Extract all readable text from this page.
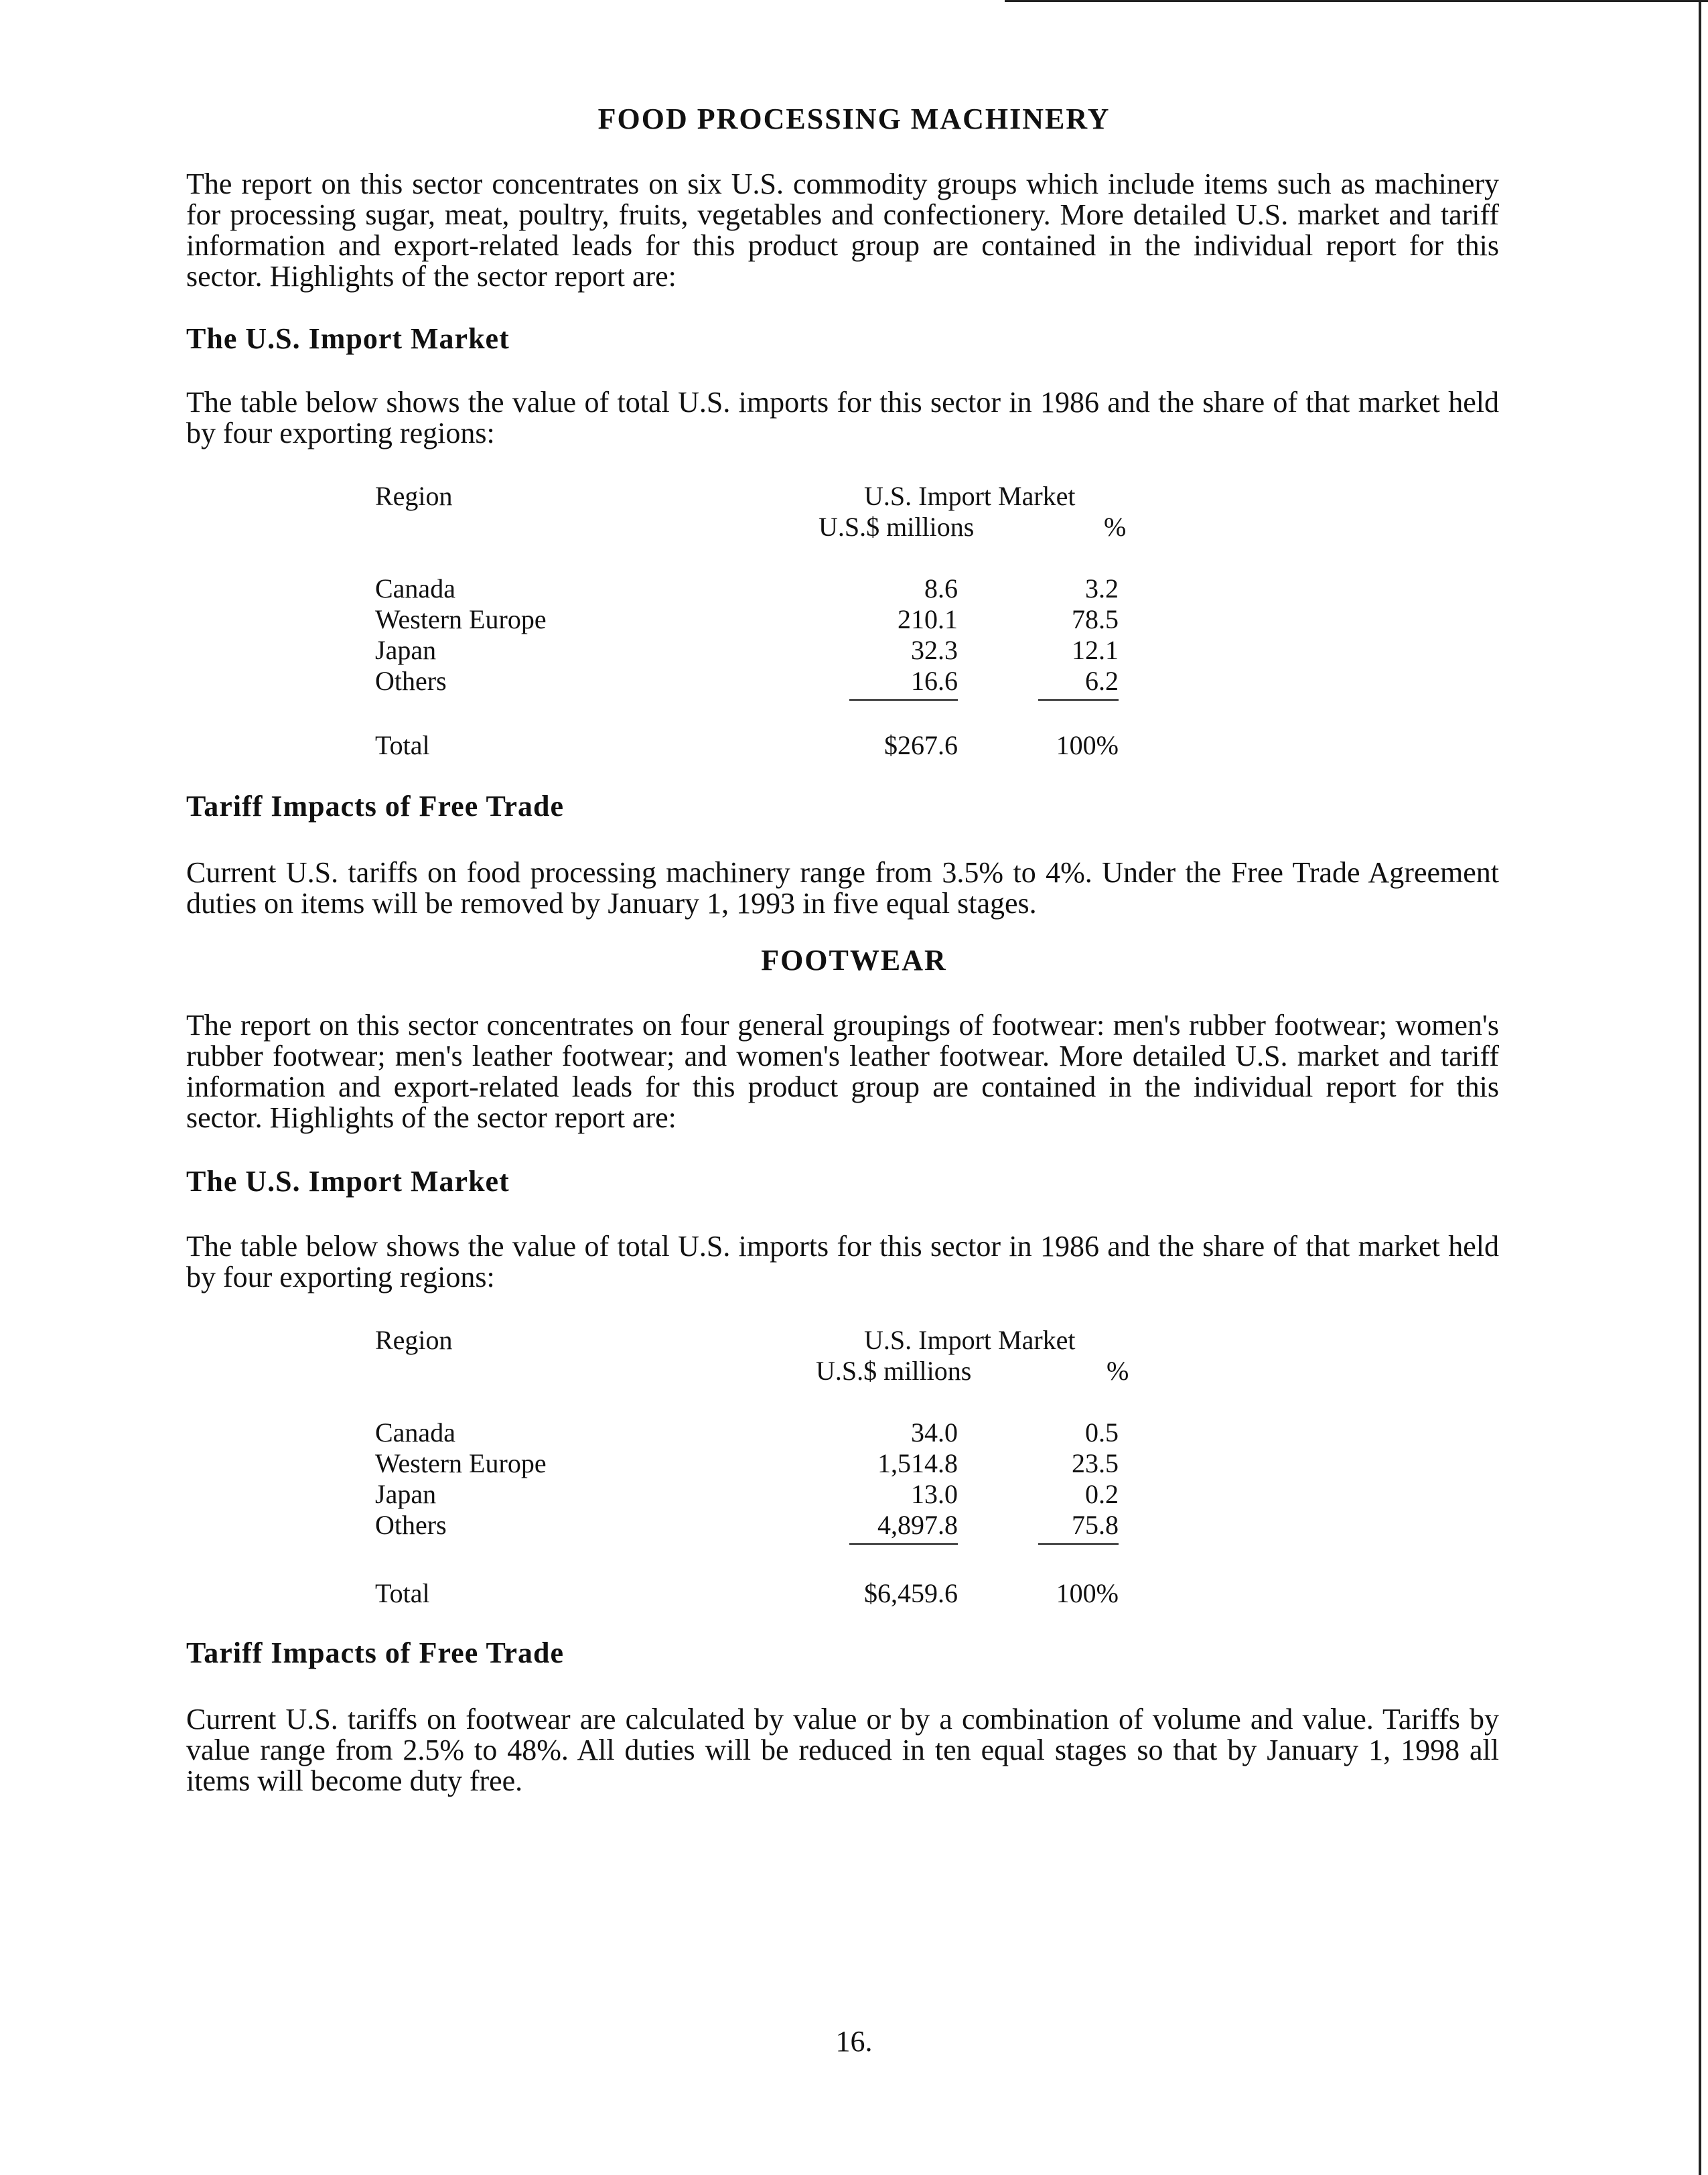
FOOD PROCESSING MACHINERY
The report on this sector concentrates on six U.S. commodity groups which include items such as machinery for processing sugar, meat, poultry, fruits, vegetables and confectionery. More detailed U.S. market and tariff information and export-related leads for this product group are contained in the individual report for this sector. Highlights of the sector report are:
The U.S. Import Market
The table below shows the value of total U.S. imports for this sector in 1986 and the share of that market held by four exporting regions:
Region	U.S. Import Market
U.S.$ millions	%
Canada	8.6	3.2
Western Europe	210.1	78.5
Japan	32.3	12.1
Others	16.6	6.2
Total	$267.6	100%
Tariff Impacts of Free Trade
Current U.S. tariffs on food processing machinery range from 3.5% to 4%. Under the Free Trade Agreement duties on items will be removed by January 1, 1993 in five equal stages.
FOOTWEAR
The report on this sector concentrates on four general groupings of footwear: men's rubber footwear; women's rubber footwear; men's leather footwear; and women's leather footwear. More detailed U.S. market and tariff information and export-related leads for this product group are contained in the individual report for this sector. Highlights of the sector report are:
The U.S. Import Market
The table below shows the value of total U.S. imports for this sector in 1986 and the share of that market held by four exporting regions:
Region	U.S. Import Market
U.S.$ millions	%
Canada	34.0	0.5
Western Europe	1,514.8	23.5
Japan	13.0	0.2
Others	4,897.8	75.8
Total	$6,459.6	100%
Tariff Impacts of Free Trade
Current U.S. tariffs on footwear are calculated by value or by a combination of volume and value. Tariffs by value range from 2.5% to 48%. All duties will be reduced in ten equal stages so that by January 1, 1998 all items will become duty free.
16.
